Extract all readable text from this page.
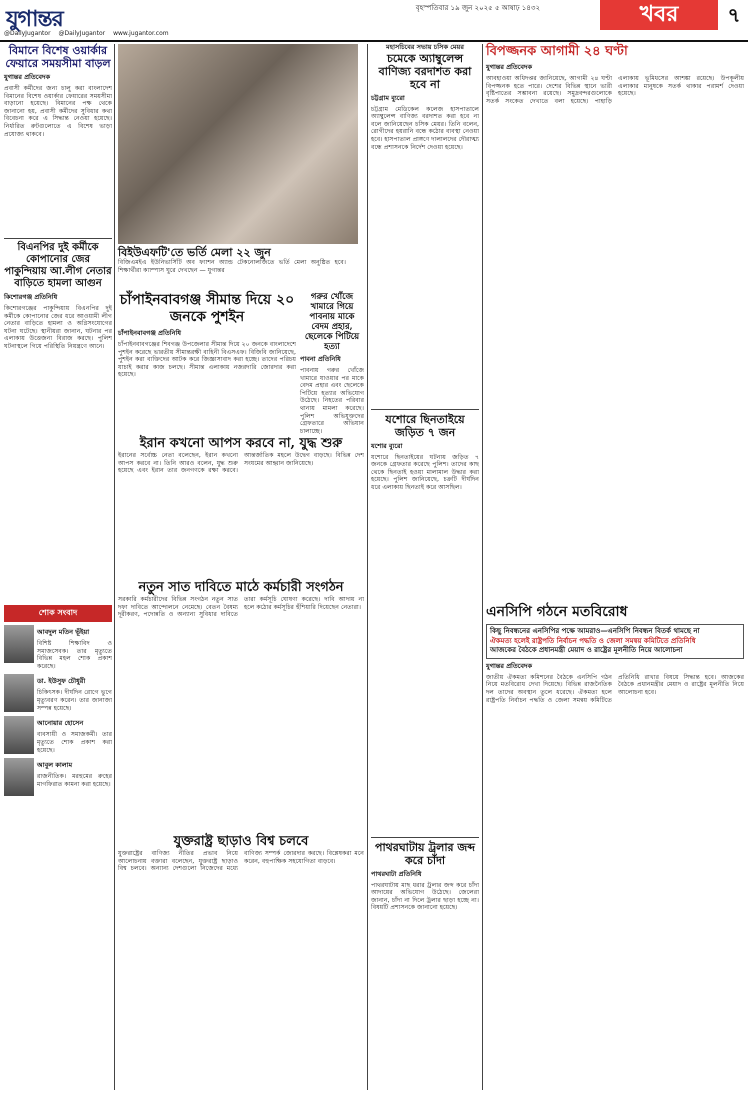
যুগান্তর	বৃহস্পতিবার ১৯ জুন ২০২৫ ৫ আষাঢ় ১৪৩২	খবর	৭
@DailyJugantor @DailyJugantor www.jugantor.com
বিমানে বিশেষ ওয়ার্কার ফেয়ারে সময়সীমা বাড়ল
যুগান্তর প্রতিবেদক
প্রবাসী কর্মীদের জন্য চালু করা বাংলাদেশ বিমানের বিশেষ ওয়ার্কার ফেয়ারের সময়সীমা বাড়ানো হয়েছে। বিমানের পক্ষ থেকে জানানো হয়, প্রবাসী কর্মীদের সুবিধার কথা বিবেচনা করে এ সিদ্ধান্ত নেওয়া হয়েছে। নির্ধারিত রুটগুলোতে এ বিশেষ ভাড়া প্রযোজ্য থাকবে।
বিএনপির দুই কর্মীকে কোপানোর জের পাকুন্দিয়ায় আ.লীগ নেতার বাড়িতে হামলা আগুন
কিশোরগঞ্জ প্রতিনিধি
কিশোরগঞ্জের পাকুন্দিয়ায় বিএনপির দুই কর্মীকে কোপানোর জের ধরে আওয়ামী লীগ নেতার বাড়িতে হামলা ও অগ্নিসংযোগের ঘটনা ঘটেছে। স্থানীয়রা জানান, ঘটনার পর এলাকায় উত্তেজনা বিরাজ করছে। পুলিশ ঘটনাস্থলে গিয়ে পরিস্থিতি নিয়ন্ত্রণে আনে।
শোক সংবাদ
আবদুল মতিন ভূঁইয়া
বিশিষ্ট শিক্ষাবিদ ও সমাজসেবক। তার মৃত্যুতে বিভিন্ন মহল শোক প্রকাশ করেছে।
ডা. ইউসুফ চৌধুরী
চিকিৎসক। দীর্ঘদিন রোগে ভুগে মৃত্যুবরণ করেন। তার জানাজা সম্পন্ন হয়েছে।
আনোয়ার হোসেন
ব্যবসায়ী ও সমাজকর্মী। তার মৃত্যুতে শোক প্রকাশ করা হয়েছে।
আবুল কালাম
রাজনীতিক। মরহুমের রুহের মাগফিরাত কামনা করা হয়েছে।
বিইউএফটি'তে ভর্তি মেলা ২২ জুন
বিজিএমইএ ইউনিভার্সিটি অব ফ্যাশন অ্যান্ড টেকনোলজিতে ভর্তি মেলা অনুষ্ঠিত হবে। শিক্ষার্থীরা ক্যাম্পাস ঘুরে দেখছেন — যুগান্তর
চাঁপাইনবাবগঞ্জ সীমান্ত দিয়ে ২০ জনকে পুশইন
চাঁপাইনবাবগঞ্জ প্রতিনিধি
চাঁপাইনবাবগঞ্জের শিবগঞ্জ উপজেলার সীমান্ত দিয়ে ২০ জনকে বাংলাদেশে পুশইন করেছে ভারতীয় সীমান্তরক্ষী বাহিনী বিএসএফ। বিজিবি জানিয়েছে, পুশইন করা ব্যক্তিদের আটক করে জিজ্ঞাসাবাদ করা হচ্ছে। তাদের পরিচয় যাচাই করার কাজ চলছে। সীমান্ত এলাকায় নজরদারি জোরদার করা হয়েছে।
গরুর খোঁজে খামারে গিয়ে পাবনায় মাকে বেদম প্রহার, ছেলেকে পিটিয়ে হত্যা
পাবনা প্রতিনিধি
পাবনায় গরুর খোঁজে খামারে যাওয়ার পর মাকে বেদম প্রহার এবং ছেলেকে পিটিয়ে হত্যার অভিযোগ উঠেছে। নিহতের পরিবার থানায় মামলা করেছে। পুলিশ অভিযুক্তদের গ্রেফতারে অভিযান চালাচ্ছে।
ইরান কখনো আপস করবে না, যুদ্ধ শুরু
ইরানের সর্বোচ্চ নেতা বলেছেন, ইরান কখনো আপস করবে না। তিনি আরও বলেন, যুদ্ধ শুরু হয়েছে এবং ইরান তার জনগণকে রক্ষা করবে। আন্তর্জাতিক মহলে উদ্বেগ বাড়ছে। বিভিন্ন দেশ সংযমের আহ্বান জানিয়েছে।
নতুন সাত দাবিতে মাঠে কর্মচারী সংগঠন
সরকারি কর্মচারীদের বিভিন্ন সংগঠন নতুন সাত দফা দাবিতে আন্দোলনে নেমেছে। বেতন বৈষম্য দূরীকরণ, পদোন্নতি ও অন্যান্য সুবিধার দাবিতে তারা কর্মসূচি ঘোষণা করেছে। দাবি আদায় না হলে কঠোর কর্মসূচির হুঁশিয়ারি দিয়েছেন নেতারা।
যুক্তরাষ্ট্র ছাড়াও বিশ্ব চলবে
যুক্তরাষ্ট্রের বাণিজ্য নীতির প্রভাব নিয়ে আলোচনায় বক্তারা বলেছেন, যুক্তরাষ্ট্র ছাড়াও বিশ্ব চলবে। অন্যান্য দেশগুলো নিজেদের মধ্যে বাণিজ্য সম্পর্ক জোরদার করছে। বিশ্লেষকরা মনে করেন, বহুপাক্ষিক সহযোগিতা বাড়বে।
মহাসচিবের সভায় চসিক মেয়র
চমেকে অ্যাম্বুলেন্স বাণিজ্য বরদাশত করা হবে না
চট্টগ্রাম ব্যুরো
চট্টগ্রাম মেডিকেল কলেজ হাসপাতালে অ্যাম্বুলেন্স বাণিজ্য বরদাশত করা হবে না বলে জানিয়েছেন চসিক মেয়র। তিনি বলেন, রোগীদের হয়রানি বন্ধে কঠোর ব্যবস্থা নেওয়া হবে। হাসপাতাল প্রাঙ্গণে দালালদের দৌরাত্ম্য বন্ধে প্রশাসনকে নির্দেশ দেওয়া হয়েছে।
যশোরে ছিনতাইয়ে জড়িত ৭ জন
যশোর ব্যুরো
যশোরে ছিনতাইয়ের ঘটনায় জড়িত ৭ জনকে গ্রেফতার করেছে পুলিশ। তাদের কাছ থেকে ছিনতাই হওয়া মালামাল উদ্ধার করা হয়েছে। পুলিশ জানিয়েছে, চক্রটি দীর্ঘদিন ধরে এলাকায় ছিনতাই করে আসছিল।
পাথরঘাটায় ট্রলার জব্দ করে চাঁদা
পাথরঘাটা প্রতিনিধি
পাথরঘাটায় মাছ ধরার ট্রলার জব্দ করে চাঁদা আদায়ের অভিযোগ উঠেছে। জেলেরা জানান, চাঁদা না দিলে ট্রলার ছাড়া হচ্ছে না। বিষয়টি প্রশাসনকে জানানো হয়েছে।
বিপজ্জনক আগামী ২৪ ঘণ্টা
যুগান্তর প্রতিবেদক
আবহাওয়া অধিদপ্তর জানিয়েছে, আগামী ২৪ ঘণ্টা বিপজ্জনক হতে পারে। দেশের বিভিন্ন স্থানে ভারী বৃষ্টিপাতের সম্ভাবনা রয়েছে। সমুদ্রবন্দরগুলোকে সতর্ক সংকেত দেখাতে বলা হয়েছে। পাহাড়ি এলাকায় ভূমিধসের আশঙ্কা রয়েছে। উপকূলীয় এলাকার মানুষকে সতর্ক থাকার পরামর্শ দেওয়া হয়েছে।
এনসিপি গঠনে মতবিরোধ
কিছু নিবন্ধনের এনসিপির পক্ষে আমরাও—এনসিপি নিবন্ধন বিতর্ক থামছে না
ঐকমত্য হলেই রাষ্ট্রপতি নির্বাচন পদ্ধতি ও জেলা সমন্বয় কমিটিতে প্রতিনিধি
আজকের বৈঠকে প্রধানমন্ত্রী মেয়াদ ও রাষ্ট্রের মূলনীতি নিয়ে আলোচনা
যুগান্তর প্রতিবেদক
জাতীয় ঐকমত্য কমিশনের বৈঠকে এনসিপি গঠন নিয়ে মতবিরোধ দেখা দিয়েছে। বিভিন্ন রাজনৈতিক দল তাদের অবস্থান তুলে ধরেছে। ঐকমত্য হলে রাষ্ট্রপতি নির্বাচন পদ্ধতি ও জেলা সমন্বয় কমিটিতে প্রতিনিধি রাখার বিষয়ে সিদ্ধান্ত হবে। আজকের বৈঠকে প্রধানমন্ত্রীর মেয়াদ ও রাষ্ট্রের মূলনীতি নিয়ে আলোচনা হবে।
